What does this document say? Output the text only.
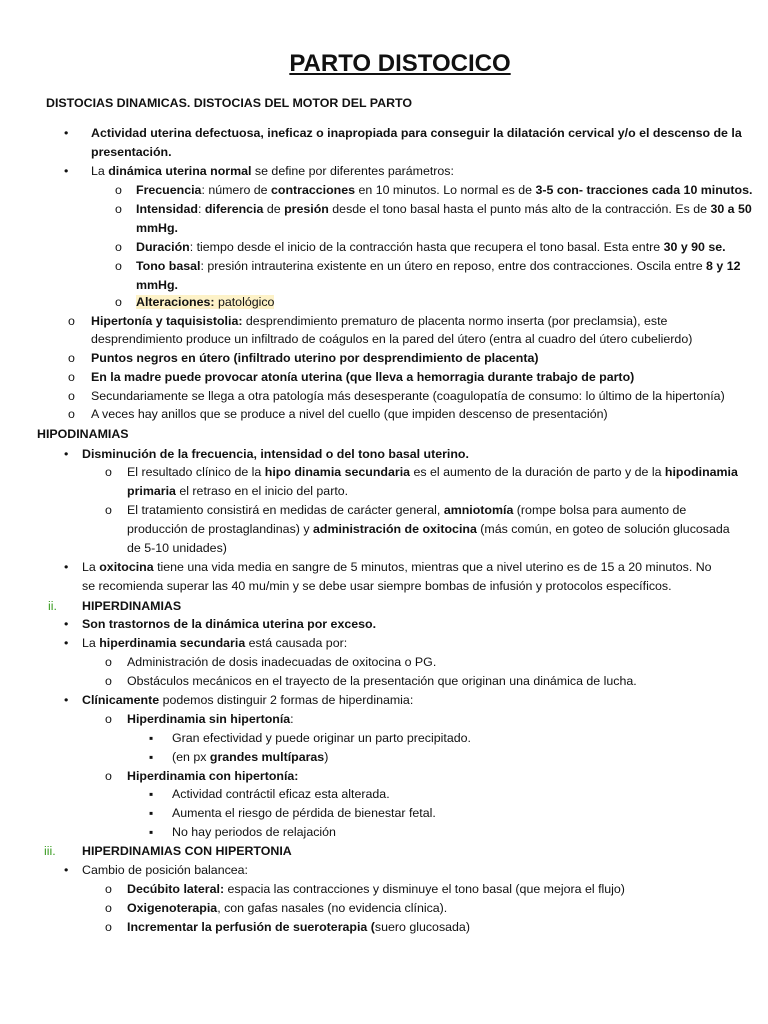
PARTO DISTOCICO
DISTOCIAS DINAMICAS. DISTOCIAS DEL MOTOR DEL PARTO
• Actividad uterina defectuosa, ineficaz o inapropiada para conseguir la dilatación cervical y/o el descenso de la
presentación.
• La dinámica uterina normal se define por diferentes parámetros:
o Frecuencia: número de contracciones en 10 minutos. Lo normal es de 3-5 con- tracciones cada 10 minutos.
o Intensidad: diferencia de presión desde el tono basal hasta el punto más alto de la contracción. Es de 30 a 50
mmHg.
o Duración: tiempo desde el inicio de la contracción hasta que recupera el tono basal. Esta entre 30 y 90 se.
o Tono basal: presión intrauterina existente en un útero en reposo, entre dos contracciones. Oscila entre 8 y 12
mmHg.
o Alteraciones: patológico
o Hipertonía y taquisistolia: desprendimiento prematuro de placenta normo inserta (por preclamsia), este
desprendimiento produce un infiltrado de coágulos en la pared del útero (entra al cuadro del útero cubelierdo)
o Puntos negros en útero (infiltrado uterino por desprendimiento de placenta)
o En la madre puede provocar atonía uterina (que lleva a hemorragia durante trabajo de parto)
o Secundariamente se llega a otra patología más desesperante (coagulopatía de consumo: lo último de la hipertonía)
o A veces hay anillos que se produce a nivel del cuello (que impiden descenso de presentación)
HIPODINAMIAS
• Disminución de la frecuencia, intensidad o del tono basal uterino.
o El resultado clínico de la hipo dinamia secundaria es el aumento de la duración de parto y de la hipodinamia
primaria el retraso en el inicio del parto.
o El tratamiento consistirá en medidas de carácter general, amniotomía (rompe bolsa para aumento de
producción de prostaglandinas) y administración de oxitocina (más común, en goteo de solución glucosada
de 5-10 unidades)
• La oxitocina tiene una vida media en sangre de 5 minutos, mientras que a nivel uterino es de 15 a 20 minutos. No
se recomienda superar las 40 mu/min y se debe usar siempre bombas de infusión y protocolos específicos.
ii. HIPERDINAMIAS
• Son trastornos de la dinámica uterina por exceso.
• La hiperdinamia secundaria está causada por:
o Administración de dosis inadecuadas de oxitocina o PG.
o Obstáculos mecánicos en el trayecto de la presentación que originan una dinámica de lucha.
• Clínicamente podemos distinguir 2 formas de hiperdinamia:
o Hiperdinamia sin hipertonía:
▪ Gran efectividad y puede originar un parto precipitado.
▪ (en px grandes multíparas)
o Hiperdinamia con hipertonía:
▪ Actividad contráctil eficaz esta alterada.
▪ Aumenta el riesgo de pérdida de bienestar fetal.
▪ No hay periodos de relajación
iii. HIPERDINAMIAS CON HIPERTONIA
• Cambio de posición balancea:
o Decúbito lateral: espacia las contracciones y disminuye el tono basal (que mejora el flujo)
o Oxigenoterapia, con gafas nasales (no evidencia clínica).
o Incrementar la perfusión de sueroterapia (suero glucosada)
